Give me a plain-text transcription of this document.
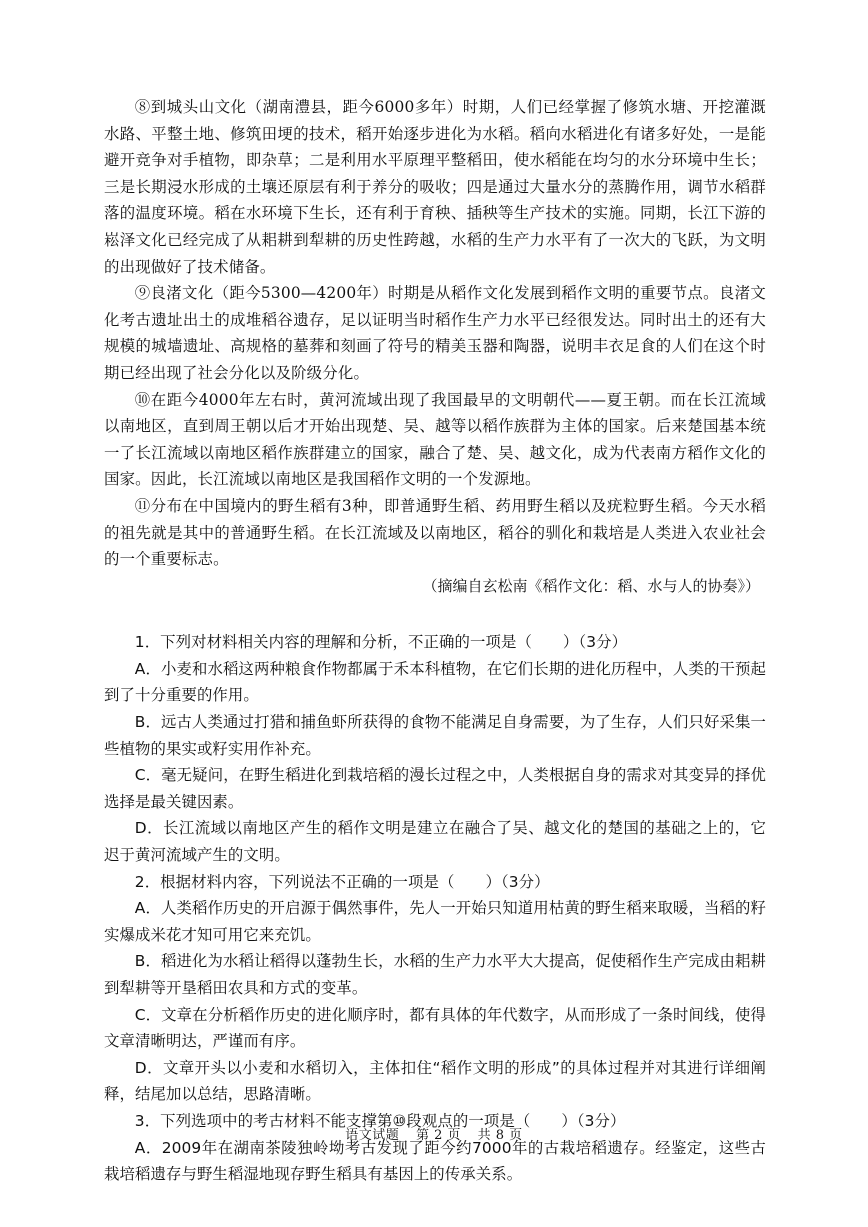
⑧到城头山文化（湖南澧县，距今6000多年）时期，人们已经掌握了修筑水塘、开挖灌溉水路、平整土地、修筑田埂的技术，稻开始逐步进化为水稻。稻向水稻进化有诸多好处，一是能避开竞争对手植物，即杂草；二是利用水平原理平整稻田，使水稻能在均匀的水分环境中生长；三是长期浸水形成的土壤还原层有利于养分的吸收；四是通过大量水分的蒸腾作用，调节水稻群落的温度环境。稻在水环境下生长，还有利于育秧、插秧等生产技术的实施。同期，长江下游的崧泽文化已经完成了从耜耕到犁耕的历史性跨越，水稻的生产力水平有了一次大的飞跃，为文明的出现做好了技术储备。

⑨良渚文化（距今5300—4200年）时期是从稻作文化发展到稻作文明的重要节点。良渚文化考古遗址出土的成堆稻谷遗存，足以证明当时稻作生产力水平已经很发达。同时出土的还有大规模的城墙遗址、高规格的墓葬和刻画了符号的精美玉器和陶器，说明丰衣足食的人们在这个时期已经出现了社会分化以及阶级分化。

⑩在距今4000年左右时，黄河流域出现了我国最早的文明朝代——夏王朝。而在长江流域以南地区，直到周王朝以后才开始出现楚、吴、越等以稻作族群为主体的国家。后来楚国基本统一了长江流域以南地区稻作族群建立的国家，融合了楚、吴、越文化，成为代表南方稻作文化的国家。因此，长江流域以南地区是我国稻作文明的一个发源地。

⑪分布在中国境内的野生稻有3种，即普通野生稻、药用野生稻以及疣粒野生稻。今天水稻的祖先就是其中的普通野生稻。在长江流域及以南地区，稻谷的驯化和栽培是人类进入农业社会的一个重要标志。

（摘编自玄松南《稻作文化：稻、水与人的协奏》）

1．下列对材料相关内容的理解和分析，不正确的一项是（　　）（3分）

A．小麦和水稻这两种粮食作物都属于禾本科植物，在它们长期的进化历程中，人类的干预起到了十分重要的作用。

B．远古人类通过打猎和捕鱼虾所获得的食物不能满足自身需要，为了生存，人们只好采集一些植物的果实或籽实用作补充。

C．毫无疑问，在野生稻进化到栽培稻的漫长过程之中，人类根据自身的需求对其变异的择优选择是最关键因素。

D．长江流域以南地区产生的稻作文明是建立在融合了吴、越文化的楚国的基础之上的，它迟于黄河流域产生的文明。

2．根据材料内容，下列说法不正确的一项是（　　）（3分）

A．人类稻作历史的开启源于偶然事件，先人一开始只知道用枯黄的野生稻来取暖，当稻的籽实爆成米花才知可用它来充饥。

B．稻进化为水稻让稻得以蓬勃生长，水稻的生产力水平大大提高，促使稻作生产完成由耜耕到犁耕等开垦稻田农具和方式的变革。

C．文章在分析稻作历史的进化顺序时，都有具体的年代数字，从而形成了一条时间线，使得文章清晰明达，严谨而有序。

D．文章开头以小麦和水稻切入，主体扣住“稻作文明的形成”的具体过程并对其进行详细阐释，结尾加以总结，思路清晰。

3．下列选项中的考古材料不能支撑第⑩段观点的一项是（　　）（3分）

A．2009年在湖南茶陵独岭坳考古发现了距今约7000年的古栽培稻遗存。经鉴定，这些古栽培稻遗存与野生稻湿地现存野生稻具有基因上的传承关系。

语文试题 第 2 页 共 8 页
